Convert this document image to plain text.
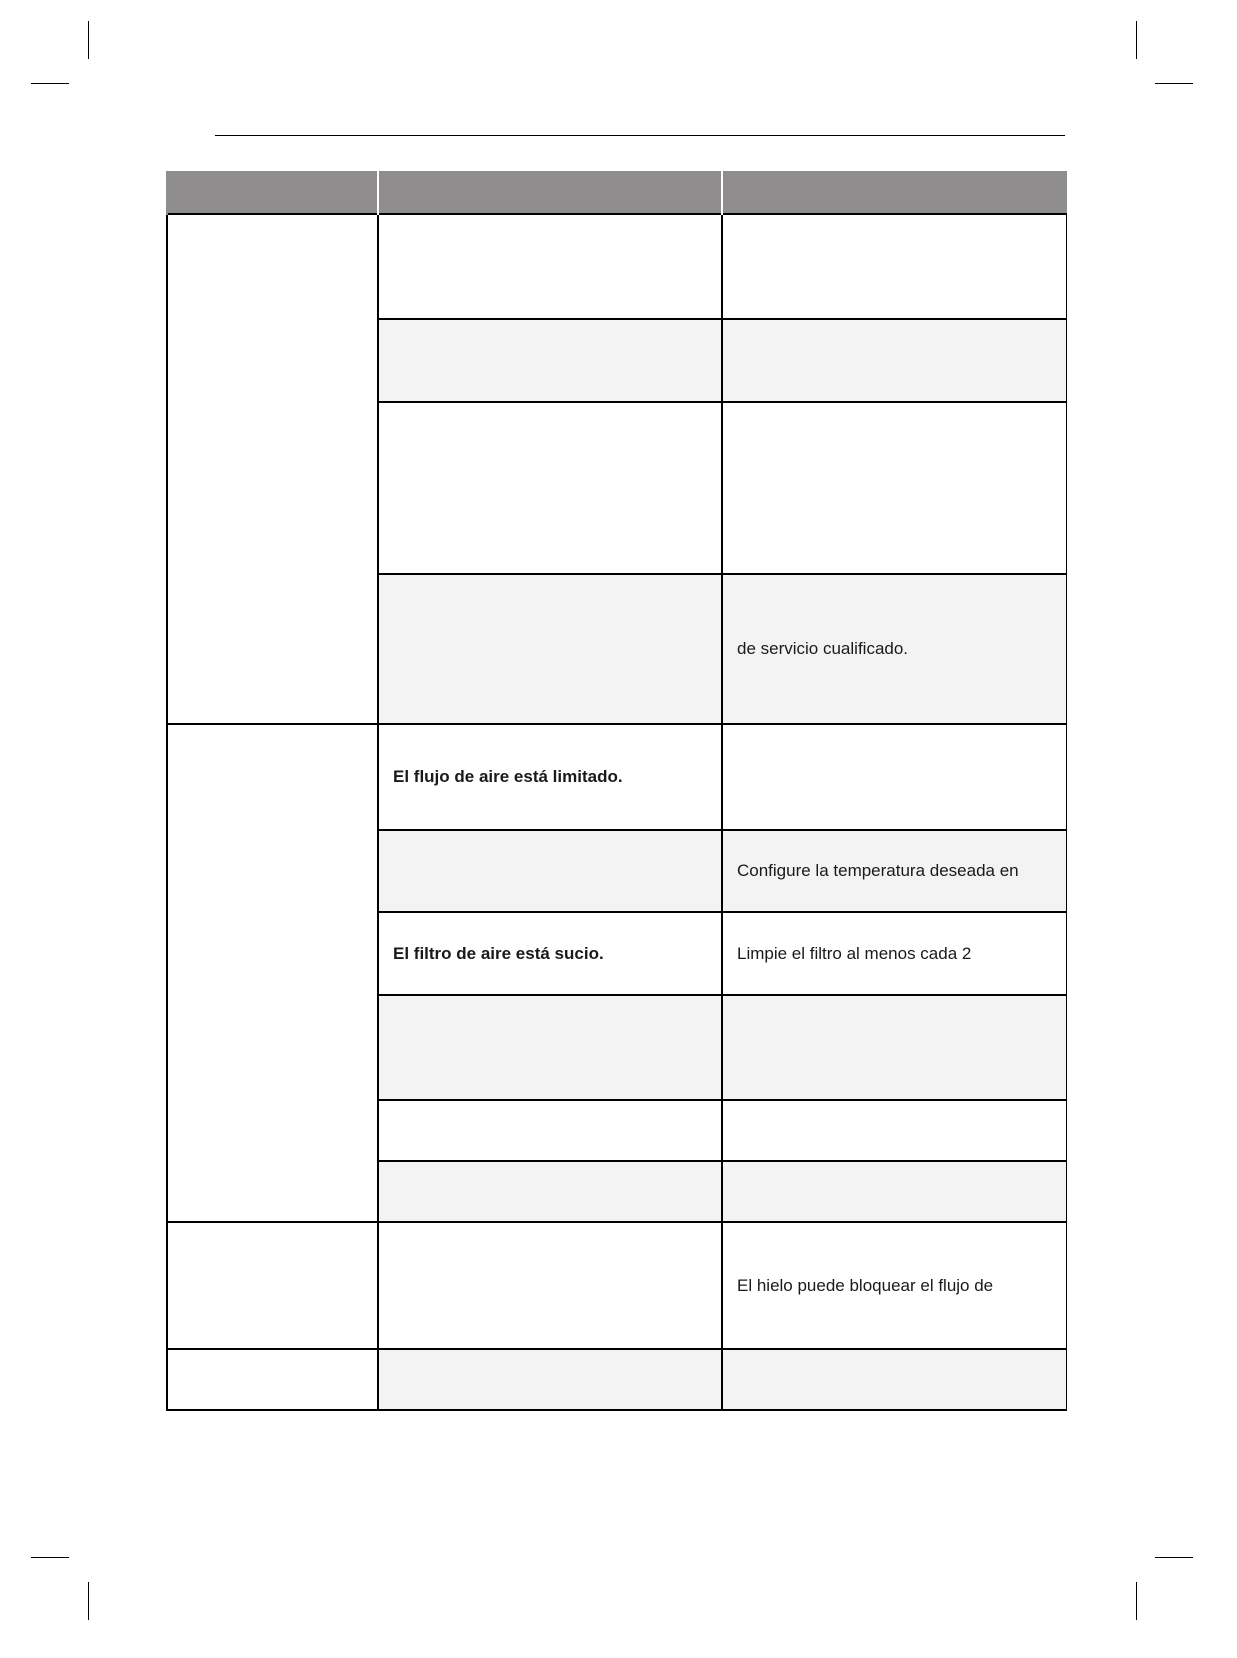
		de servicio cualificado.
	El flujo de aire está limitado.	
		Configure la temperatura deseada en
	El filtro de aire está sucio.	Limpie el filtro al menos cada 2

		El hielo puede bloquear el flujo de
